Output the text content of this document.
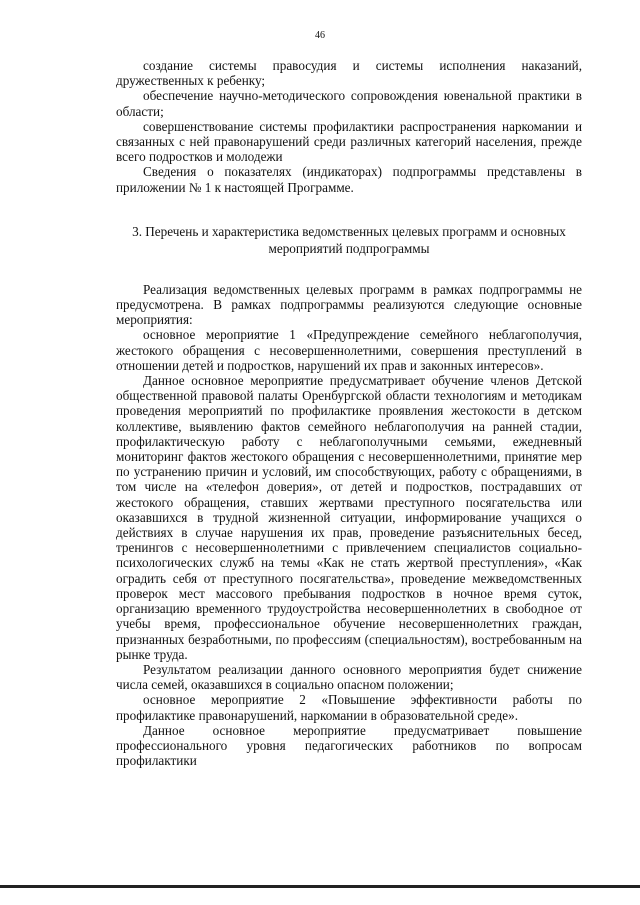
46

создание системы правосудия и системы исполнения наказаний, дружественных к ребенку;

обеспечение научно-методического сопровождения ювенальной практики в области;

совершенствование системы профилактики распространения наркомании и связанных с ней правонарушений среди различных категорий населения, прежде всего подростков и молодежи

Сведения о показателях (индикаторах) подпрограммы представлены в приложении № 1 к настоящей Программе.

3. Перечень и характеристика ведомственных целевых программ и основных мероприятий подпрограммы

Реализация ведомственных целевых программ в рамках подпрограммы не предусмотрена. В рамках подпрограммы реализуются следующие основные мероприятия:

основное мероприятие 1 «Предупреждение семейного неблагополучия, жестокого обращения с несовершеннолетними, совершения преступлений в отношении детей и подростков, нарушений их прав и законных интересов».

Данное основное мероприятие предусматривает обучение членов Детской общественной правовой палаты Оренбургской области технологиям и методикам проведения мероприятий по профилактике проявления жестокости в детском коллективе, выявлению фактов семейного неблагополучия на ранней стадии, профилактическую работу с неблагополучными семьями, ежедневный мониторинг фактов жестокого обращения с несовершеннолетними, принятие мер по устранению причин и условий, им способствующих, работу с обращениями, в том числе на «телефон доверия», от детей и подростков, пострадавших от жестокого обращения, ставших жертвами преступного посягательства или оказавшихся в трудной жизненной ситуации, информирование учащихся о действиях в случае нарушения их прав, проведение разъяснительных бесед, тренингов с несовершеннолетними с привлечением специалистов социально-психологических служб на темы «Как не стать жертвой преступления», «Как оградить себя от преступного посягательства», проведение межведомственных проверок мест массового пребывания подростков в ночное время суток, организацию временного трудоустройства несовершеннолетних в свободное от учебы время, профессиональное обучение несовершеннолетних граждан, признанных безработными, по профессиям (специальностям), востребованным на рынке труда.

Результатом реализации данного основного мероприятия будет снижение числа семей, оказавшихся в социально опасном положении;

основное мероприятие 2 «Повышение эффективности работы по профилактике правонарушений, наркомании в образовательной среде».

Данное основное мероприятие предусматривает повышение профессионального уровня педагогических работников по вопросам профилактики
